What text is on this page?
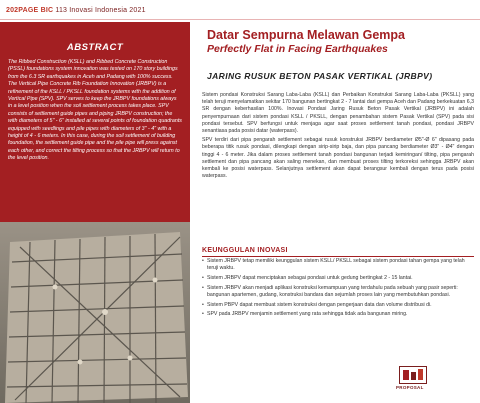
202PAGE BIC 113 Inovasi Indonesia 2021
ABSTRACT
The Ribbed Construction (KSLL) and Ribbed Concrete Construction (PSSL) foundations system innovation was tested on 170 story buildings from the 6.3 SR earthquakes in Aceh and Padang with 100% success. The Vertical Pipe Concrete Rib Foundation Innovation (JRBPV) is a refinement of the KSLL / PKSLL foundation systems with the addition of Vertical Pipe (SPV). SPV serves to keep the JRBPV foundations always in a level position when the soil settlement process takes place. SPV consists of settlement guide pipes and piping JRBPV construction; the with diameters of 5" - 6" installed at several points of foundation quadrants equipped with seedlings and pile pipes with diameters of 3" - 4" with a height of 4 - 6 meters. In this case, during the soil settlement of building foundation, the settlement guide pipe and the pile pipe will press against each other, and correct the tilting process so that the JRBPV will return to the level position.
Datar Sempurna Melawan Gempa
Perfectly Flat in Facing Earthquakes
JARING RUSUK BETON PASAK VERTIKAL (JRBPV)

Sistem pondasi Konstruksi Sarang Laba-Laba (KSLL) dan Perbaikan Konstruksi Sarang Laba-Laba (PKSLL) yang telah teruji menyelamatkan sekitar 170 bangunan bertingkat 2 - 7 lantai dari gempa Aceh dan Padang berkekuatan 6,3 SR dengan keberhasilan 100%. Inovasi Pondasi Jaring Rusuk Beton Pasak Vertikal (JRBPV) ini adalah penyempurnaan dari sistem pondasi KSLL / PKSLL, dengan penambahan sistem Pasak Vertikal (SPV) pada sisi pondasi tersebut. SPV berfungsi untuk menjaga agar saat proses settlement tanah pondasi, pondasi JRBPV senantiasa pada posisi datar (waterpass).

SPV terdiri dari pipa pengarah settlement sebagai rusuk konstruksi JRBPV berdiameter Ø5"-Ø 6" dipasang pada beberapa titik rusuk pondasi, dilengkapi dengan sirip-sirip baja, dan pipa pancang berdiameter Ø3" - Ø4" dengan tinggi 4 - 6 meter. Jika dalam proses settlement tanah pondasi bangunan terjadi kemiringan/ tilting, pipa pengarah settlement dan pipa pancang akan saling menekan, dan membuat proses tilting terkoreksi sehingga JRBPV akan kembali ke posisi waterpass. Selanjutnya settlement akan dapat berangsur kembali dengan terus pada posisi waterpass.

KEUNGGULAN INOVASI
• Sistem JRBPV tetap memiliki keunggulan sistem KSLL/ PKSLL sebagai sistem pondasi tahan gempa yang telah teruji waktu.
• Sistem JRBPV dapat menciptakan sebagai pondasi untuk gedung bertingkat 2 - 15 lantai.
• Sistem JRBPV akan menjadi aplikasi konstruksi kemampuan yang terdahulu pada sebuah yang pasir seperti: bangunan apartemen, gudang, konstruksi bandara dan sejumlah proses lain yang membutuhkan pondasi.
• Sistem PBPV dapat membuat sistem konstruksi dengan pengerjaan data dan volume distribusi di.
• SPV pada JRBPV menjamin settlement yang rata sehingga tidak ada bangunan miring.
PROPOSAL
